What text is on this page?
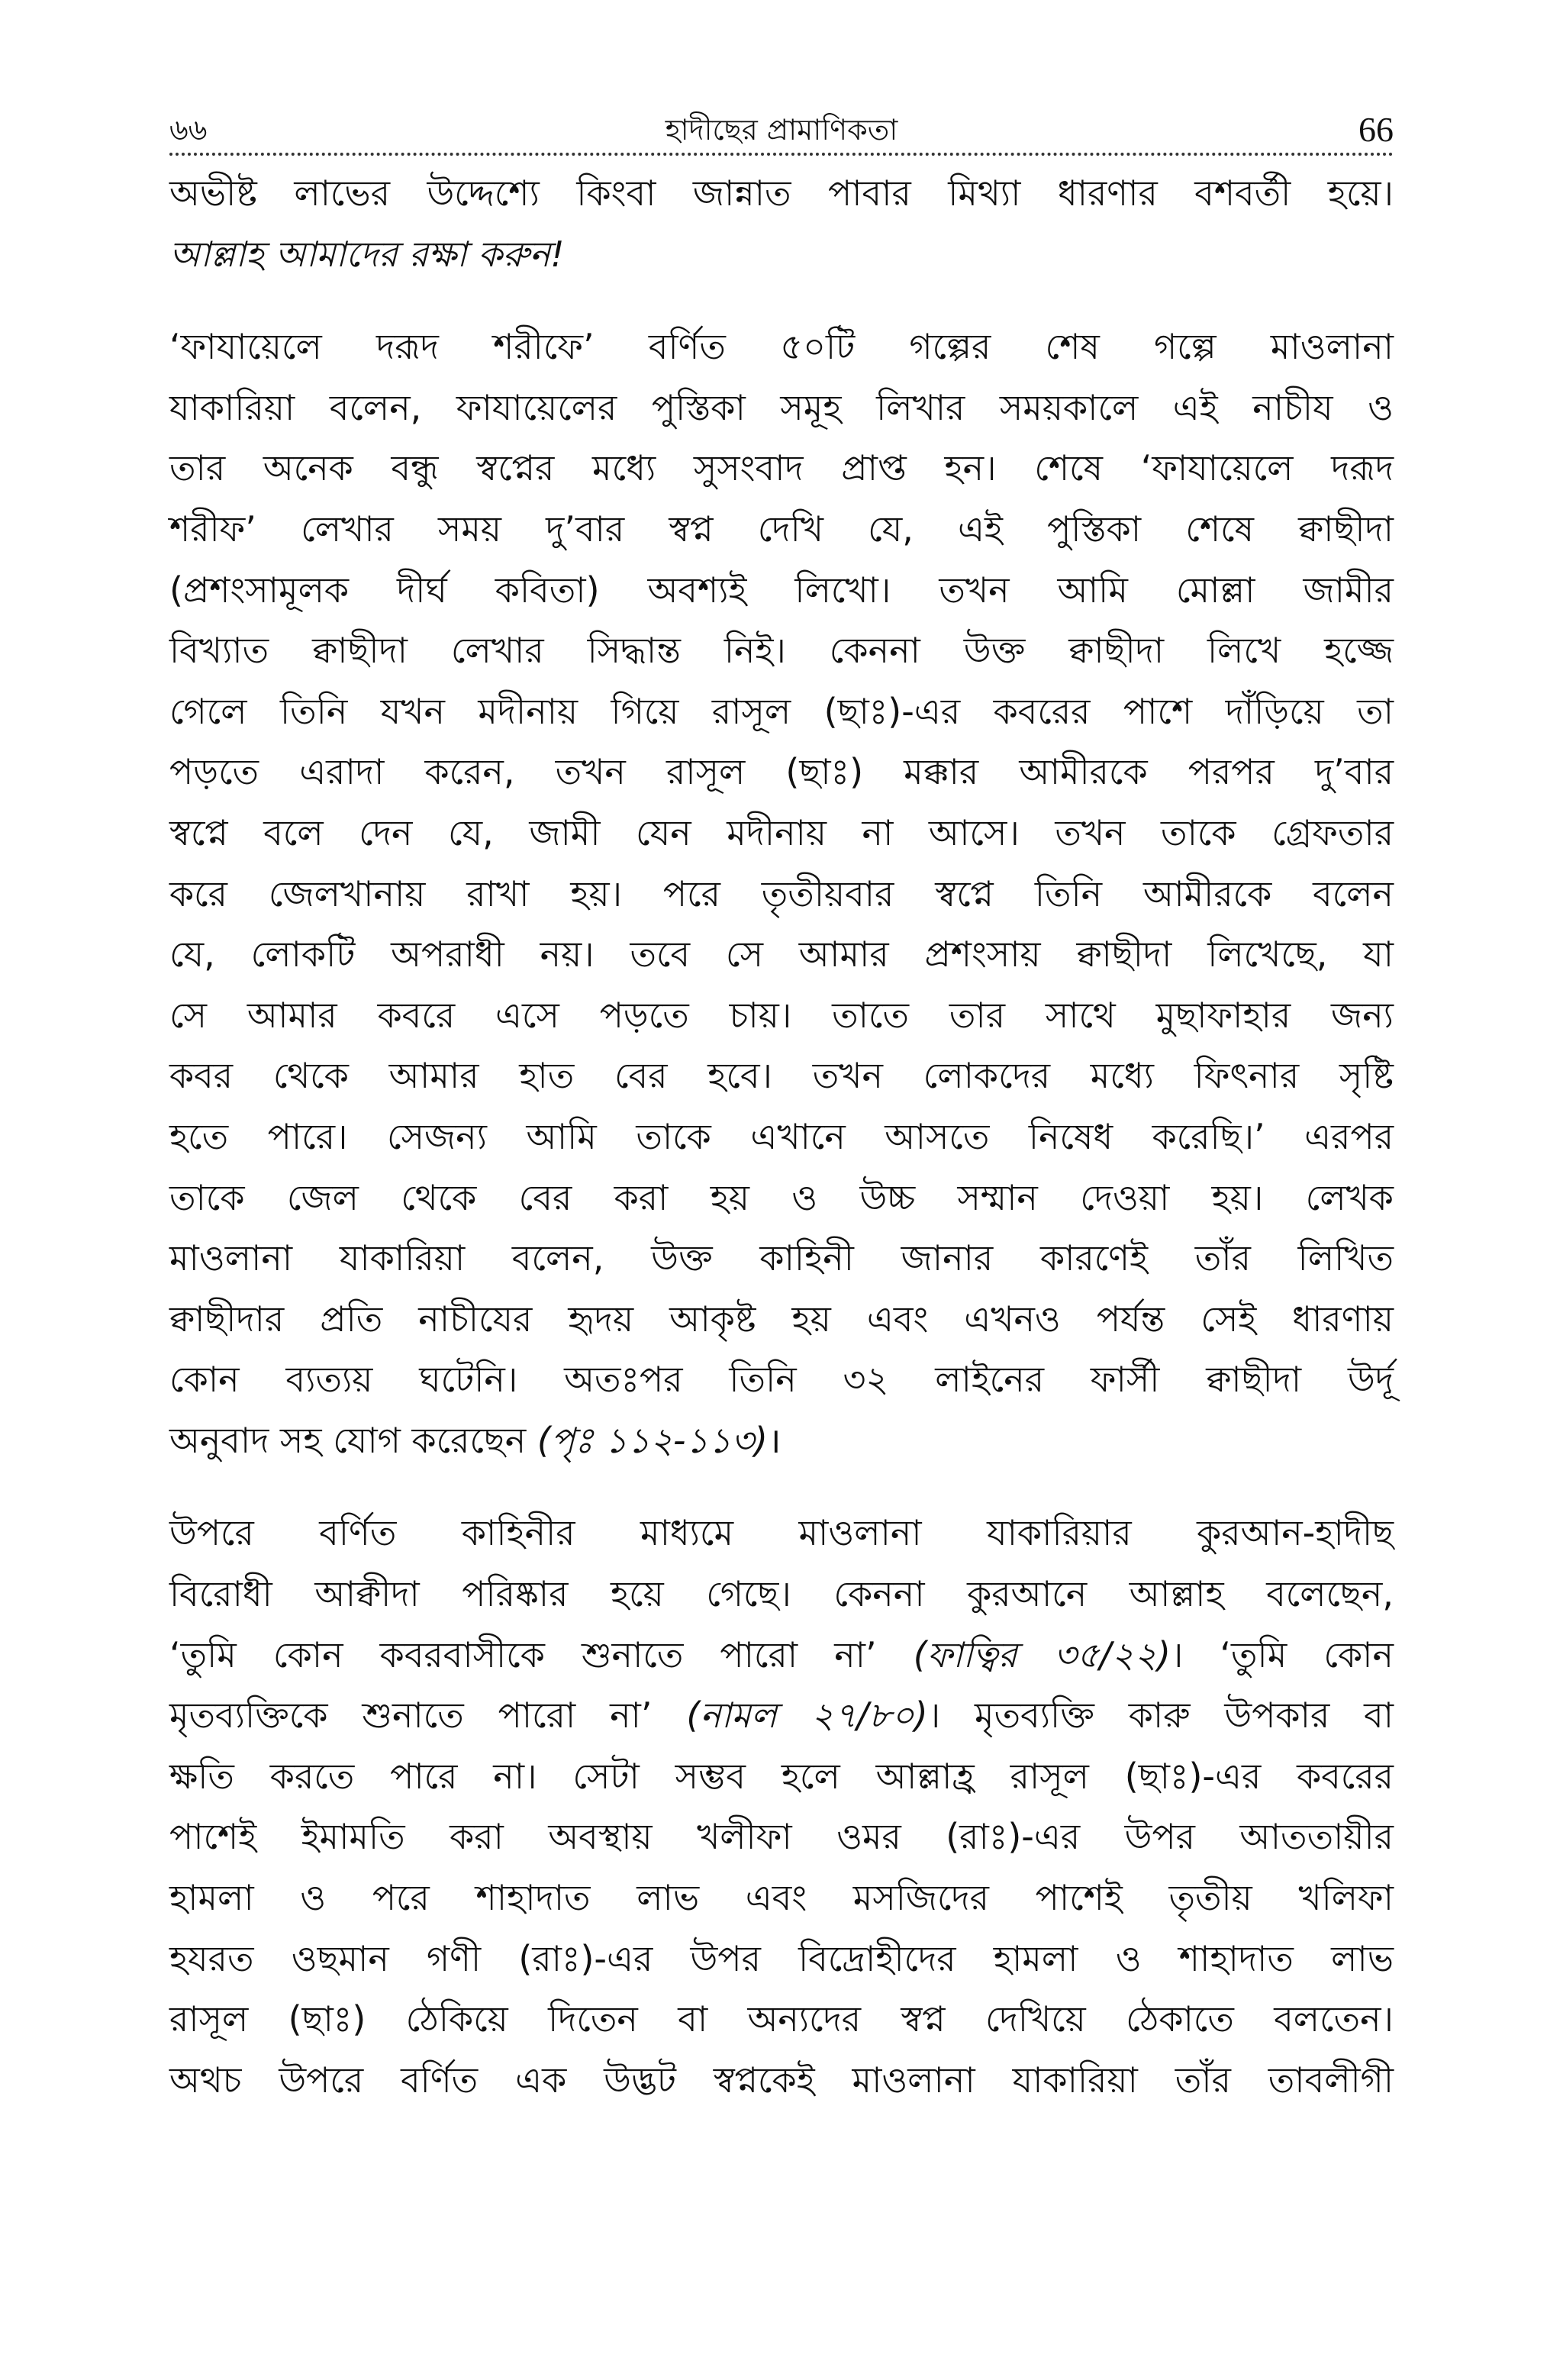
৬৬	হাদীছের প্রামাণিকতা	66

অভীষ্ট লাভের উদ্দেশ্যে কিংবা জান্নাত পাবার মিথ্যা ধারণার বশবর্তী হয়ে।

আল্লাহ আমাদের রক্ষা করুন!

‘ফাযায়েলে দরূদ শরীফে’ বর্ণিত ৫০টি গল্পের শেষ গল্পে মাওলানা

যাকারিয়া বলেন, ফাযায়েলের পুস্তিকা সমূহ লিখার সময়কালে এই নাচীয ও

তার অনেক বন্ধু স্বপ্নের মধ্যে সুসংবাদ প্রাপ্ত হন। শেষে ‘ফাযায়েলে দরূদ

শরীফ’ লেখার সময় দু’বার স্বপ্ন দেখি যে, এই পুস্তিকা শেষে ক্বাছীদা

(প্রশংসামূলক দীর্ঘ কবিতা) অবশ্যই লিখো। তখন আমি মোল্লা জামীর

বিখ্যাত ক্বাছীদা লেখার সিদ্ধান্ত নিই। কেননা উক্ত ক্বাছীদা লিখে হজ্জে

গেলে তিনি যখন মদীনায় গিয়ে রাসূল (ছাঃ)-এর কবরের পাশে দাঁড়িয়ে তা

পড়তে এরাদা করেন, তখন রাসূল (ছাঃ) মক্কার আমীরকে পরপর দু’বার

স্বপ্নে বলে দেন যে, জামী যেন মদীনায় না আসে। তখন তাকে গ্রেফতার

করে জেলখানায় রাখা হয়। পরে তৃতীয়বার স্বপ্নে তিনি আমীরকে বলেন

যে, লোকটি অপরাধী নয়। তবে সে আমার প্রশংসায় ক্বাছীদা লিখেছে, যা

সে আমার কবরে এসে পড়তে চায়। তাতে তার সাথে মুছাফাহার জন্য

কবর থেকে আমার হাত বের হবে। তখন লোকদের মধ্যে ফিৎনার সৃষ্টি

হতে পারে। সেজন্য আমি তাকে এখানে আসতে নিষেধ করেছি।’ এরপর

তাকে জেল থেকে বের করা হয় ও উচ্চ সম্মান দেওয়া হয়। লেখক

মাওলানা যাকারিয়া বলেন, উক্ত কাহিনী জানার কারণেই তাঁর লিখিত

ক্বাছীদার প্রতি নাচীযের হৃদয় আকৃষ্ট হয় এবং এখনও পর্যন্ত সেই ধারণায়

কোন ব্যত্যয় ঘটেনি। অতঃপর তিনি ৩২ লাইনের ফার্সী ক্বাছীদা উর্দূ

অনুবাদ সহ যোগ করেছেন (পৃঃ ১১২-১১৩)।

উপরে বর্ণিত কাহিনীর মাধ্যমে মাওলানা যাকারিয়ার কুরআন-হাদীছ

বিরোধী আক্বীদা পরিষ্কার হয়ে গেছে। কেননা কুরআনে আল্লাহ বলেছেন,

‘তুমি কোন কবরবাসীকে শুনাতে পারো না’ (ফাত্বির ৩৫/২২)। ‘তুমি কোন

মৃতব্যক্তিকে শুনাতে পারো না’ (নামল ২৭/৮০)। মৃতব্যক্তি কারু উপকার বা

ক্ষতি করতে পারে না। সেটা সম্ভব হলে আল্লাহ্র রাসূল (ছাঃ)-এর কবরের

পাশেই ইমামতি করা অবস্থায় খলীফা ওমর (রাঃ)-এর উপর আততায়ীর

হামলা ও পরে শাহাদাত লাভ এবং মসজিদের পাশেই তৃতীয় খলিফা

হযরত ওছমান গণী (রাঃ)-এর উপর বিদ্রোহীদের হামলা ও শাহাদাত লাভ

রাসূল (ছাঃ) ঠেকিয়ে দিতেন বা অন্যদের স্বপ্ন দেখিয়ে ঠেকাতে বলতেন।

অথচ উপরে বর্ণিত এক উদ্ভট স্বপ্নকেই মাওলানা যাকারিয়া তাঁর তাবলীগী
